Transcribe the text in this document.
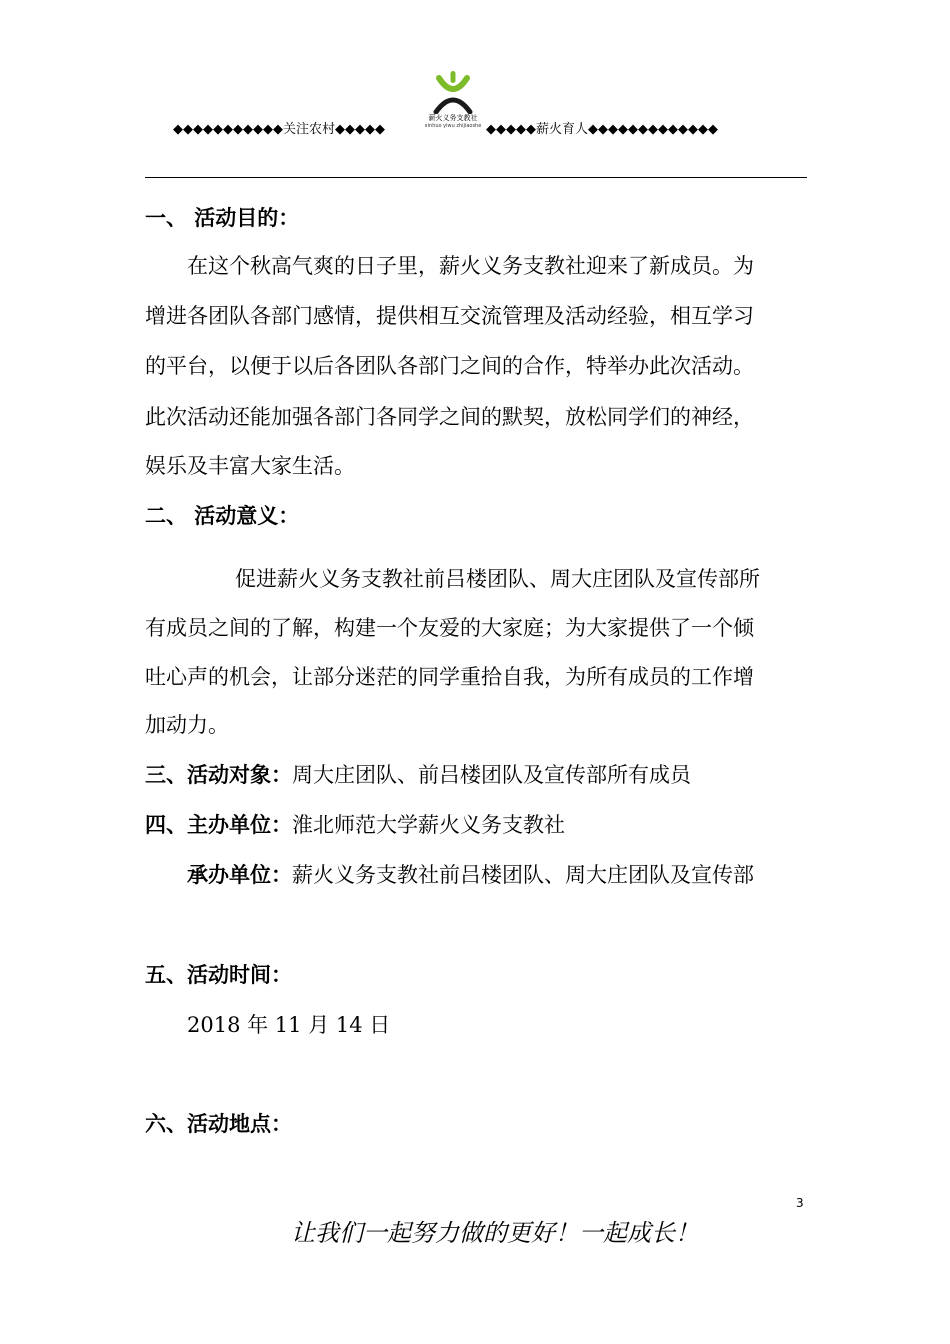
薪火义务支教社
xinhuo yiwu zhijiaoshe
◆◆◆◆◆◆◆◆◆◆◆关注农村◆◆◆◆◆	◆◆◆◆◆薪火育人◆◆◆◆◆◆◆◆◆◆◆◆◆
一、 活动目的：
在这个秋高气爽的日子里，薪火义务支教社迎来了新成员。为
增进各团队各部门感情，提供相互交流管理及活动经验，相互学习
的平台，以便于以后各团队各部门之间的合作，特举办此次活动。
此次活动还能加强各部门各同学之间的默契，放松同学们的神经，
娱乐及丰富大家生活。
二、 活动意义：
促进薪火义务支教社前吕楼团队、周大庄团队及宣传部所
有成员之间的了解，构建一个友爱的大家庭；为大家提供了一个倾
吐心声的机会，让部分迷茫的同学重拾自我，为所有成员的工作增
加动力。
三、活动对象：周大庄团队、前吕楼团队及宣传部所有成员
四、主办单位：淮北师范大学薪火义务支教社
承办单位：薪火义务支教社前吕楼团队、周大庄团队及宣传部
五、活动时间：
2018 年 11 月 14 日
六、活动地点：
3
让我们一起努力做的更好！一起成长！
